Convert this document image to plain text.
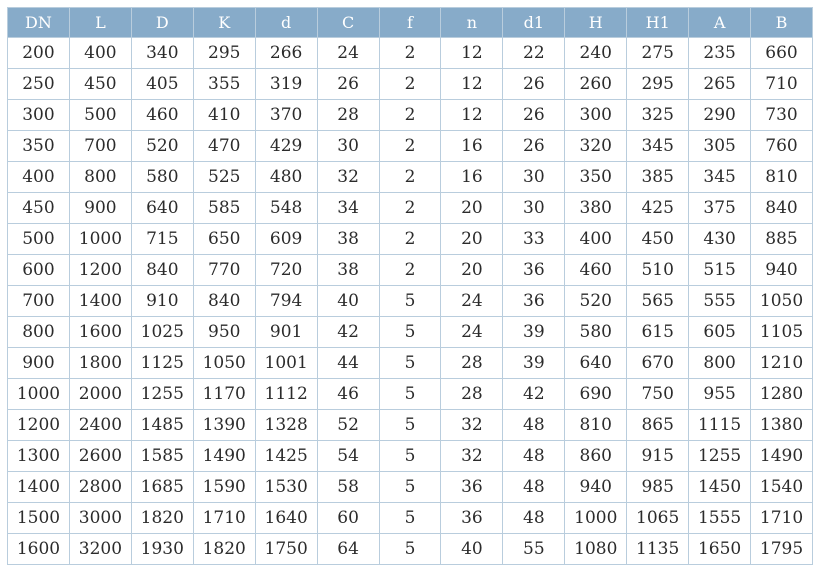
DN	L	D	K	d	C	f	n	d1	H	H1	A	B
200	400	340	295	266	24	2	12	22	240	275	235	660
250	450	405	355	319	26	2	12	26	260	295	265	710
300	500	460	410	370	28	2	12	26	300	325	290	730
350	700	520	470	429	30	2	16	26	320	345	305	760
400	800	580	525	480	32	2	16	30	350	385	345	810
450	900	640	585	548	34	2	20	30	380	425	375	840
500	1000	715	650	609	38	2	20	33	400	450	430	885
600	1200	840	770	720	38	2	20	36	460	510	515	940
700	1400	910	840	794	40	5	24	36	520	565	555	1050
800	1600	1025	950	901	42	5	24	39	580	615	605	1105
900	1800	1125	1050	1001	44	5	28	39	640	670	800	1210
1000	2000	1255	1170	1112	46	5	28	42	690	750	955	1280
1200	2400	1485	1390	1328	52	5	32	48	810	865	1115	1380
1300	2600	1585	1490	1425	54	5	32	48	860	915	1255	1490
1400	2800	1685	1590	1530	58	5	36	48	940	985	1450	1540
1500	3000	1820	1710	1640	60	5	36	48	1000	1065	1555	1710
1600	3200	1930	1820	1750	64	5	40	55	1080	1135	1650	1795
